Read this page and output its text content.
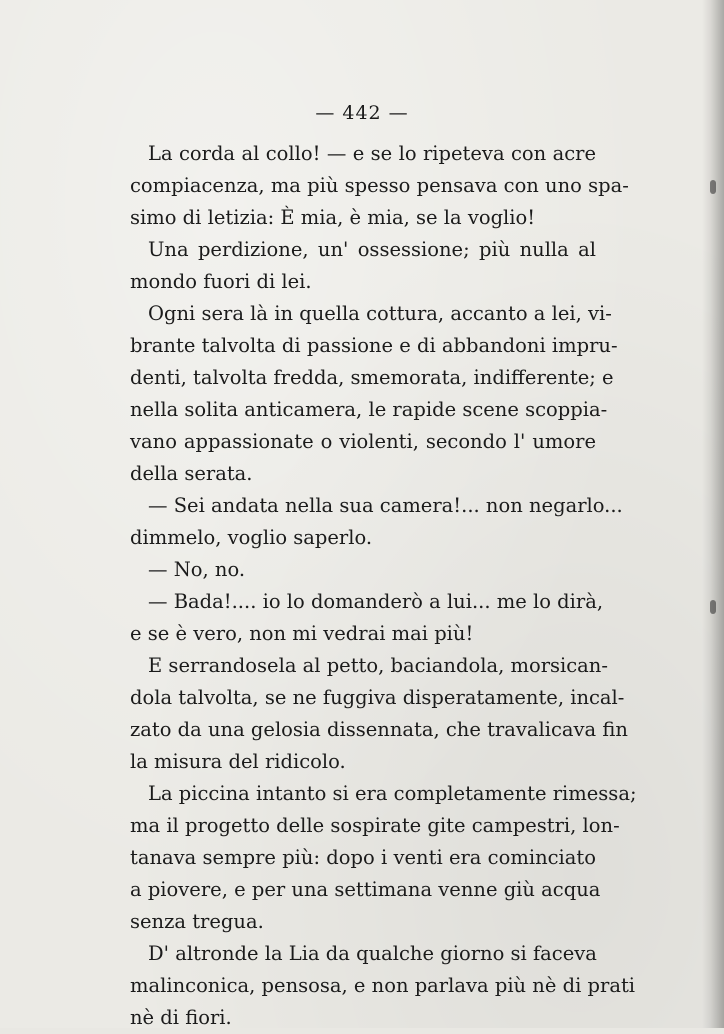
— 442 —
La corda al collo! — e se lo ripeteva con acre
compiacenza, ma più spesso pensava con uno spa-
simo di letizia: È mia, è mia, se la voglio!
Una perdizione, un' ossessione; più nulla al
mondo fuori di lei.
Ogni sera là in quella cottura, accanto a lei, vi-
brante talvolta di passione e di abbandoni impru-
denti, talvolta fredda, smemorata, indifferente; e
nella solita anticamera, le rapide scene scoppia-
vano appassionate o violenti, secondo l' umore
della serata.
— Sei andata nella sua camera!... non negarlo...
dimmelo, voglio saperlo.
— No, no.
— Bada!.... io lo domanderò a lui... me lo dirà,
e se è vero, non mi vedrai mai più!
E serrandosela al petto, baciandola, morsican-
dola talvolta, se ne fuggiva disperatamente, incal-
zato da una gelosia dissennata, che travalicava fin
la misura del ridicolo.
La piccina intanto si era completamente rimessa;
ma il progetto delle sospirate gite campestri, lon-
tanava sempre più: dopo i venti era cominciato
a piovere, e per una settimana venne giù acqua
senza tregua.
D' altronde la Lia da qualche giorno si faceva
malinconica, pensosa, e non parlava più nè di prati
nè di fiori.
